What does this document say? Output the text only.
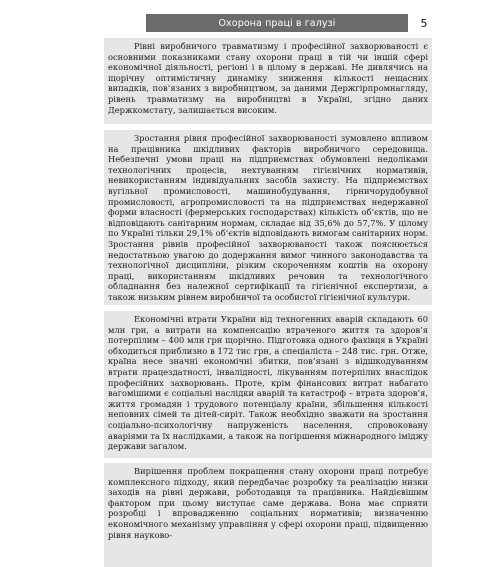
Охорона праці в галузі	5

Рівні виробничого травматизму і професійної захворюваності є основними показниками стану охорони праці в тій чи іншій сфері економічної діяльності, регіоні і в цілому в державі. Не дивлячись на щорічну оптимістичну динаміку зниження кількості нещасних випадків, пов’язаних з виробництвом, за даними Держгірпромнагляду, рівень травматизму на виробництві в Україні, згідно даних Держкомстату, залишається високим.

Зростання рівня професійної захворюваності зумовлено впливом на працівника шкідливих факторів виробничого середовища. Небезпечні умови праці на підприємствах обумовлені недоліками технологічних процесів, нехтуванням гігієнічних нормативів, невикористанням індивідуальних засобів захисту. На підприємствах вугільної промисловості, машинобудування, гірничорудобувної промисловості, агропромисловості та на підприємствах недержавної форми власності (фермерських господарствах) кількість об’єктів, що не відповідають санітарним нормам, складає від 35,6% до 57,7%. У цілому по Україні тільки 29,1% об’єктів відповідають вимогам санітарних норм. Зростання рівнів професійної захворюваності також пояснюється недостатньою увагою до додержання вимог чинного законодавства та технологічної дисципліни, різким скороченням коштів на охорону праці, використанням шкідливих речовин та технологічного обладнання без належної сертифікації та гігієнічної експертизи, а також низьким рівнем виробничої та особистої гігієнічної культури.

Економічні втрати України від техногенних аварій складають 60 млн грн, а витрати на компенсацію втраченого життя та здоров’я потерпілим – 400 млн грн щорічно. Підготовка одного фахівця в Україні обходиться приблизно в 172 тис грн, а спеціаліста – 248 тис. грн. Отже, країна несе значні економічні збитки, пов’язані з відшкодуванням втрати працездатності, інвалідності, лікуванням потерпілих внаслідок професійних захворювань. Проте, крім фінансових витрат набагато вагомішими є соціальні наслідки аварій та катастроф – втрата здоров’я, життя громадян і трудового потенціалу країни, збільшення кількості неповних сімей та дітей-сиріт. Також необхідно зважати на зростання соціально-психологічну напруженість населення, спровоковану аваріями та їх наслідками, а також на погіршення міжнародного іміджу держави загалом.

Вирішення проблем покращення стану охорони праці потребує комплексного підходу, який передбачає розробку та реалізацію низки заходів на рівні держави, роботодавця та працівника. Найдієвішим фактором при цьому виступає саме держава. Вона має сприяти розробці і впровадженню соціальних нормативів; визначенню економічного механізму управління у сфері охорони праці, підвищенню рівня науково-
